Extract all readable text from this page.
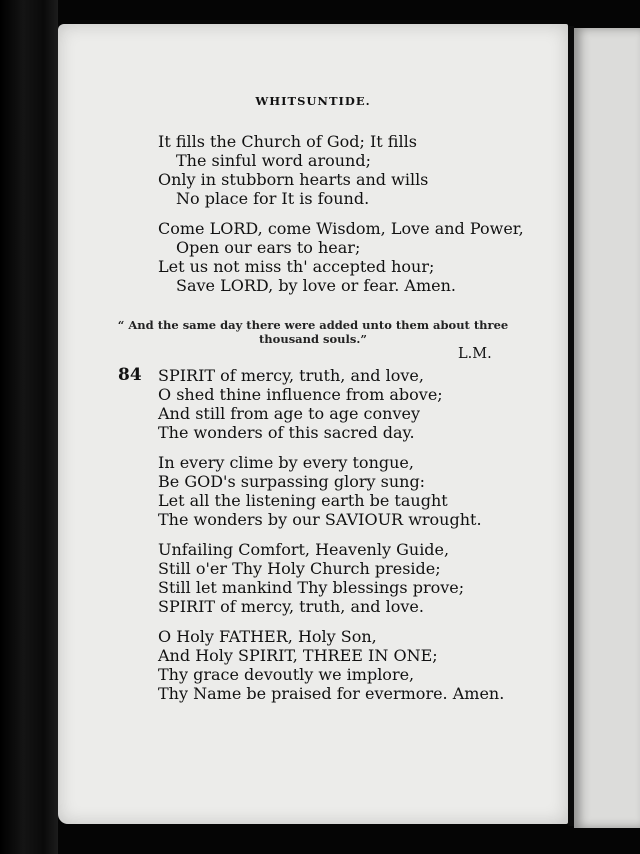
WHITSUNTIDE.
It fills the Church of God; It fills
The sinful word around;
Only in stubborn hearts and wills
No place for It is found.
Come LORD, come Wisdom, Love and Power,
Open our ears to hear;
Let us not miss th' accepted hour;
Save LORD, by love or fear. Amen.
“ And the same day there were added unto them about three
thousand souls.”
L.M.
84 SPIRIT of mercy, truth, and love,
O shed thine influence from above;
And still from age to age convey
The wonders of this sacred day.
In every clime by every tongue,
Be GOD's surpassing glory sung:
Let all the listening earth be taught
The wonders by our SAVIOUR wrought.
Unfailing Comfort, Heavenly Guide,
Still o'er Thy Holy Church preside;
Still let mankind Thy blessings prove;
SPIRIT of mercy, truth, and love.
O Holy FATHER, Holy Son,
And Holy SPIRIT, THREE IN ONE;
Thy grace devoutly we implore,
Thy Name be praised for evermore. Amen.
